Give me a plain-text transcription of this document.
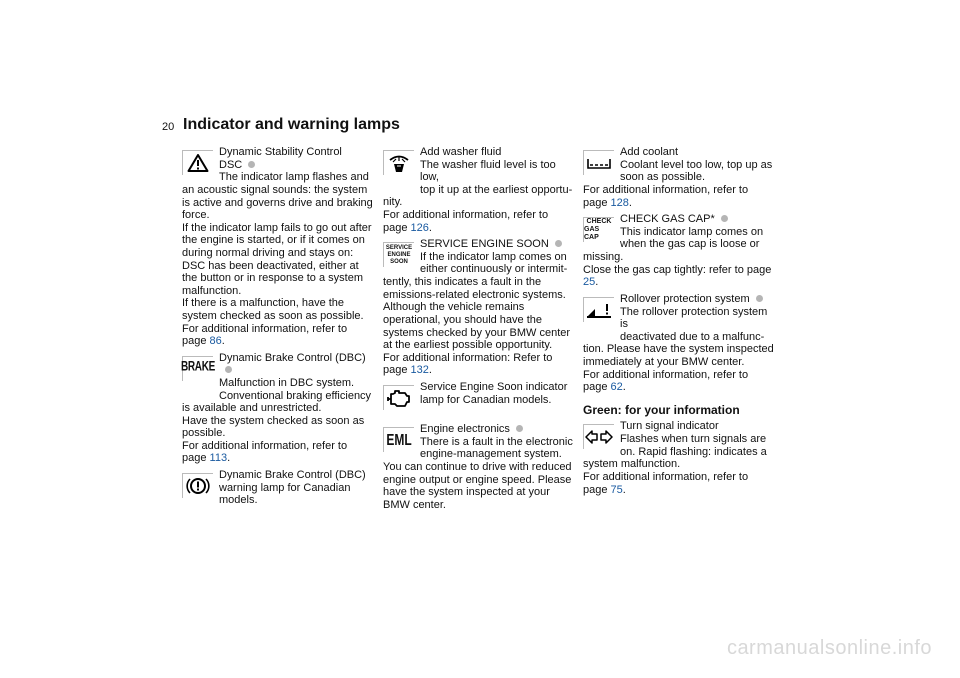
20 Indicator and warning lamps
Dynamic Stability Control
DSC
The indicator lamp flashes and
an acoustic signal sounds: the system is active and governs drive and braking force.
If the indicator lamp fails to go out after the engine is started, or if it comes on during normal driving and stays on: DSC has been deactivated, either at the button or in response to a system malfunction.
If there is a malfunction, have the system checked as soon as possible.
For additional information, refer to page 86.
BRAKE
Dynamic Brake Control (DBC)
Malfunction in DBC system.
Conventional braking efficiency
is available and unrestricted.
Have the system checked as soon as possible.
For additional information, refer to page 113.
Dynamic Brake Control (DBC)
warning lamp for Canadian
models.
Add washer fluid
The washer fluid level is too low,
top it up at the earliest opportu-
nity.
For additional information, refer to page 126.
SERVICE
ENGINE
SOON
SERVICE ENGINE SOON
If the indicator lamp comes on
either continuously or intermit-
tently, this indicates a fault in the emissions-related electronic systems. Although the vehicle remains operational, you should have the systems checked by your BMW center at the earliest possible opportunity.
For additional information: Refer to page 132.
Service Engine Soon indicator
lamp for Canadian models.
EML
Engine electronics
There is a fault in the electronic
engine-management system.
You can continue to drive with reduced engine output or engine speed. Please have the system inspected at your BMW center.
Add coolant
Coolant level too low, top up as
soon as possible.
For additional information, refer to page 128.
CHECK
GAS CAP
CHECK GAS CAP*
This indicator lamp comes on
when the gas cap is loose or
missing.
Close the gas cap tightly: refer to page 25.
Rollover protection system
The rollover protection system is
deactivated due to a malfunc-
tion. Please have the system inspected immediately at your BMW center.
For additional information, refer to page 62.
Green: for your information
Turn signal indicator
Flashes when turn signals are
on. Rapid flashing: indicates a
system malfunction.
For additional information, refer to page 75.
carmanualsonline.info
